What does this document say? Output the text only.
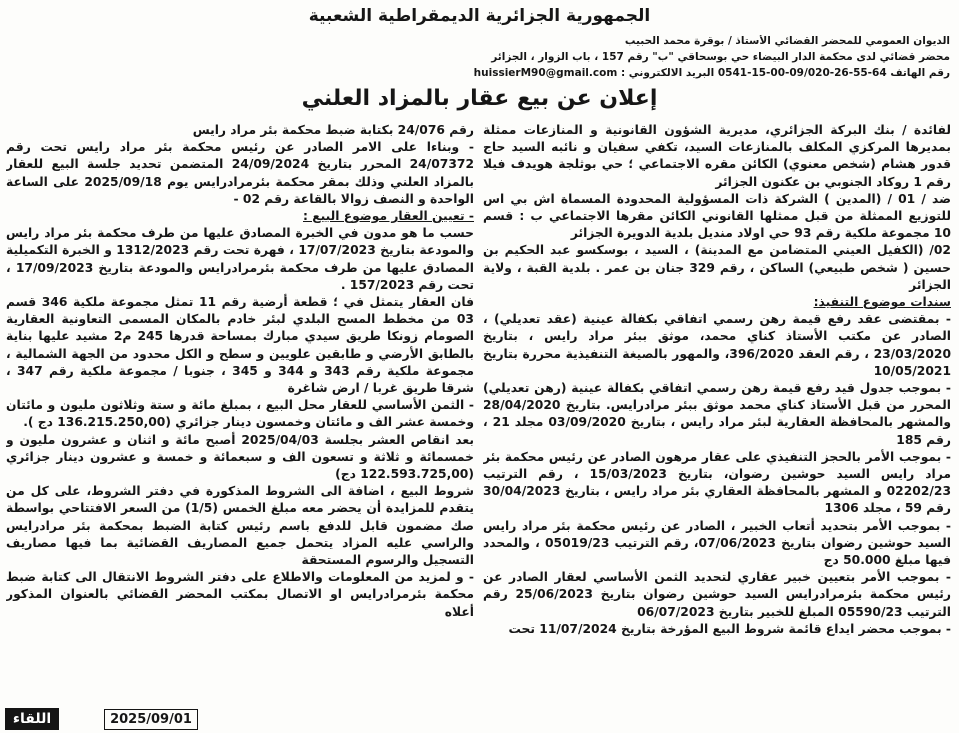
الجمهورية الجزائرية الديمقراطية الشعبية
الديوان العمومي للمحضر القضائي الأستاذ / بوقرة محمد الحبيب
محضر قضائي لدى محكمة الدار البيضاء حي بوسحاقي "ب" رقم 157 ، باب الزوار ، الجزائر
رقم الهاتف 0541-15-00-09/020-26-55-64 البريد الالكتروني : huissierM90@gmail.com
إعلان عن بيع عقار بالمزاد العلني

لفائدة / بنك البركة الجزائري، مديرية الشؤون القانونية و المنازعات ممثلة بمديرها المركزي المكلف بالمنازعات السيد، تكفي سفيان و نائبه السيد حاج قدور هشام (شخص معنوي) الكائن مقره الاجتماعي ؛ حي بوثلجة هويدف فيلا رقم 1 روكاد الجنوبي بن عكنون الجزائر

ضد / 01 / (المدين ) الشركة ذات المسؤولية المحدودة المسماة اش بي اس للتوزيع الممثلة من قبل ممثلها القانوني الكائن مقرها الاجتماعي ب : قسم 10 مجموعة ملكية رقم 93 حي اولاد منديل بلدية الدويرة الجزائر

02/ (الكفيل العيني المتضامن مع المدينة) ، السيد ، بوسكسو عبد الحكيم بن حسين ( شخص طبيعي) الساكن ، رقم 329 جنان بن عمر . بلدية القبة ، ولاية الجزائر

سندات موضوع التنفيذ:

- بمقتضى عقد رفع قيمة رهن رسمي اتفاقي بكفالة عينية (عقد تعديلي) ، الصادر عن مكتب الأستاذ كناي محمد، موثق ببئر مراد رايس ، بتاريخ 23/03/2020 ، رقم العقد 396/2020، والمهور بالصيغة التنفيذية محررة بتاريخ 10/05/2021

- بموجب جدول قيد رفع قيمة رهن رسمي اتفاقي بكفالة عينية (رهن تعديلي) المحرر من قبل الأستاذ كناي محمد موثق ببئر مرادرايس. بتاريخ 28/04/2020 والمشهر بالمحافظة العقارية لبئر مراد رايس ، بتاريخ 03/09/2020 مجلد 21 ، رقم 185

- بموجب الأمر بالحجز التنفيذي على عقار مرهون الصادر عن رئيس محكمة بئر مراد رايس السيد حوشين رضوان، بتاريخ 15/03/2023 ، رقم الترتيب 02202/23 و المشهر بالمحافظة العقاري بئر مراد رايس ، بتاريخ 30/04/2023 رقم 59 ، مجلد 1306

- بموجب الأمر بتحديد أتعاب الخبير ، الصادر عن رئيس محكمة بئر مراد رايس السيد حوشين رضوان بتاريخ 07/06/2023، رقم الترتيب 05019/23 ، والمحدد فيها مبلغ 50.000 دج

- بموجب الأمر بتعيين خبير عقاري لتحديد الثمن الأساسي لعقار الصادر عن رئيس محكمة بئرمرادرايس السيد حوشين رضوان بتاريخ 25/06/2023 رقم الترتيب 05590/23 المبلغ للخبير بتاريخ 06/07/2023

- بموجب محضر ايداع قائمة شروط البيع المؤرخة بتاريخ 11/07/2024 تحت

رقم 24/076 بكتابة ضبط محكمة بئر مراد رايس

- وبناءا على الامر الصادر عن رئيس محكمة بئر مراد رايس تحت رقم 24/07372 المحرر بتاريخ 24/09/2024 المتضمن تحديد جلسة البيع للعقار بالمزاد العلني وذلك بمقر محكمة بئرمرادرايس يوم 2025/09/18 على الساعة الواحدة و النصف زوالا بالقاعة رقم 02 -

- تعيين العقار موضوع البيع :

حسب ما هو مدون في الخبرة المصادق عليها من طرف محكمة بئر مراد رايس والمودعة بتاريخ 17/07/2023 ، فهرة تحت رقم 1312/2023 و الخبرة التكميلية المصادق عليها من طرف محكمة بئرمرادرايس والمودعة بتاريخ 17/09/2023 ، تحت رقم 157/2023 .

فان العقار يتمثل في ؛ قطعة أرضية رقم 11 تمثل مجموعة ملكية 346 قسم 03 من مخطط المسح البلدي لبئر خادم بالمكان المسمى التعاونية العقارية الصومام زونكا طريق سيدي مبارك بمساحة قدرها 245 م2 مشيد عليها بناية بالطابق الأرضي و طابقين علويين و سطح و الكل محدود من الجهة الشمالية ، مجموعة ملكية رقم 343 و 344 و 345 ، جنوبا / مجموعة ملكية رقم 347 ، شرقا طريق غربا / ارض شاغرة

- الثمن الأساسي للعقار محل البيع ، بمبلغ مائة و ستة وثلاثون مليون و مائتان وخمسة عشر الف و مائتان وخمسون دينار جزائري (136.215.250,00 دج ).

بعد انقاص العشر بجلسة 2025/04/03 أصبح مائة و اثنان و عشرون مليون و خمسمائة و ثلاثة و تسعون الف و سبعمائة و خمسة و عشرون دينار جزائري (122.593.725,00 دج)

شروط البيع ، اضافة الى الشروط المذكورة في دفتر الشروط، على كل من يتقدم للمزايدة أن يحضر معه مبلغ الخمس (1/5) من السعر الافتتاحي بواسطة صك مضمون قابل للدفع باسم رئيس كتابة الضبط بمحكمة بئر مرادرايس والراسي عليه المزاد يتحمل جميع المصاريف القضائية بما فيها مصاريف التسجيل والرسوم المستحقة

- و لمزيد من المعلومات والاطلاع على دفتر الشروط الانتقال الى كتابة ضبط محكمة بئرمرادرايس او الاتصال بمكتب المحضر القضائي بالعنوان المذكور أعلاه

اللقاء	2025/09/01
